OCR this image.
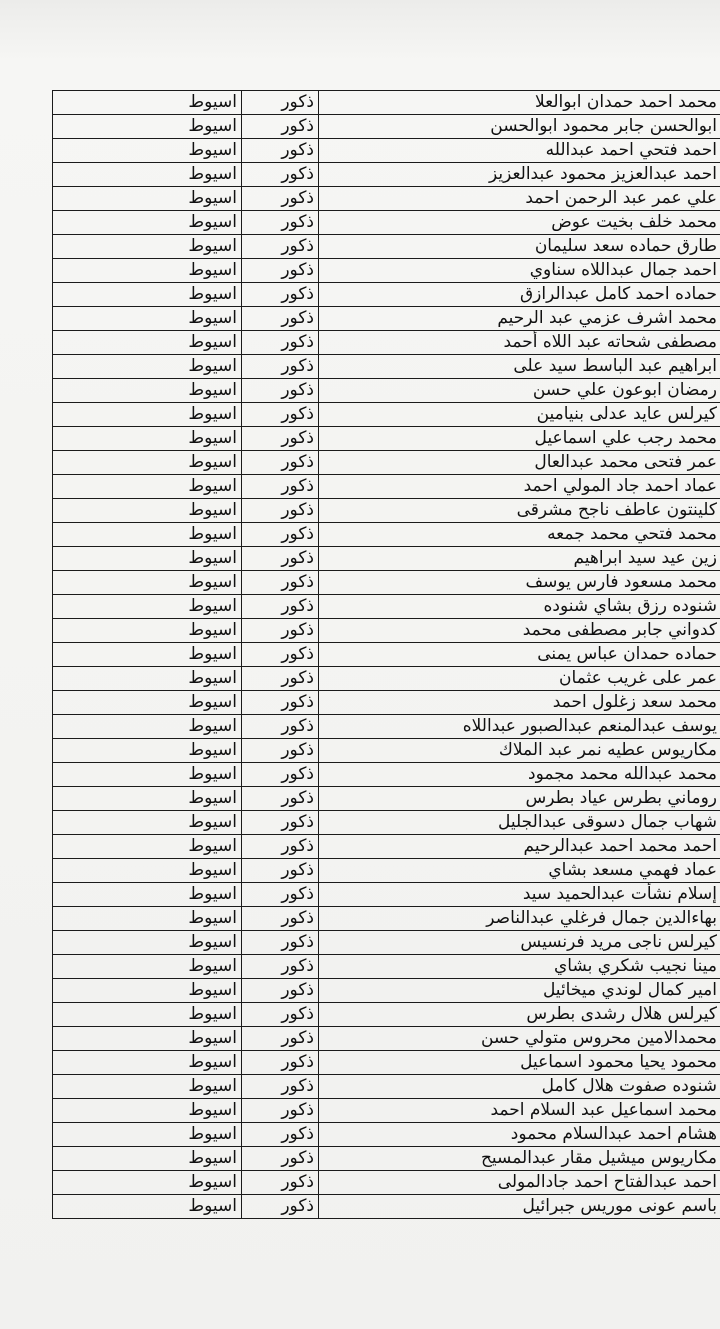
	محمد احمد حمدان ابوالعلا	ذكور	اسيوط
	ابوالحسن جابر محمود ابوالحسن	ذكور	اسيوط
	احمد فتحي احمد عبدالله	ذكور	اسيوط
	احمد عبدالعزيز محمود عبدالعزيز	ذكور	اسيوط
	علي عمر عبد الرحمن احمد	ذكور	اسيوط
	محمد خلف بخيت عوض	ذكور	اسيوط
	طارق حماده سعد سليمان	ذكور	اسيوط
	احمد جمال عبداللاه سناوي	ذكور	اسيوط
	حماده احمد كامل عبدالرازق	ذكور	اسيوط
	محمد اشرف عزمي عبد الرحيم	ذكور	اسيوط
	مصطفى شحاته عبد اللاه أحمد	ذكور	اسيوط
	ابراهيم عبد الباسط سيد على	ذكور	اسيوط
	رمضان ابوعون علي حسن	ذكور	اسيوط
	كيرلس عايد عدلى بنيامين	ذكور	اسيوط
	محمد رجب علي اسماعيل	ذكور	اسيوط
	عمر فتحى محمد عبدالعال	ذكور	اسيوط
	عماد احمد جاد المولي احمد	ذكور	اسيوط
	كلينتون عاطف ناجح مشرقى	ذكور	اسيوط
	محمد فتحي محمد جمعه	ذكور	اسيوط
	زين عيد سيد ابراهيم	ذكور	اسيوط
	محمد مسعود فارس يوسف	ذكور	اسيوط
	شنوده رزق بشاي شنوده	ذكور	اسيوط
	كدواني جابر مصطفى محمد	ذكور	اسيوط
	حماده حمدان عباس يمنى	ذكور	اسيوط
	عمر على غريب عثمان	ذكور	اسيوط
	محمد سعد زغلول احمد	ذكور	اسيوط
	يوسف عبدالمنعم عبدالصبور عبداللاه	ذكور	اسيوط
	مكاريوس عطيه نمر عبد الملاك	ذكور	اسيوط
	محمد عبدالله محمد مجمود	ذكور	اسيوط
	روماني بطرس عياد بطرس	ذكور	اسيوط
	شهاب جمال دسوقى عبدالجليل	ذكور	اسيوط
	احمد محمد احمد عبدالرحيم	ذكور	اسيوط
	عماد فهمي مسعد بشاي	ذكور	اسيوط
	إسلام نشأت عبدالحميد سيد	ذكور	اسيوط
	بهاءالدين جمال فرغلي عبدالناصر	ذكور	اسيوط
	كيرلس ناجى مريد فرنسيس	ذكور	اسيوط
	مينا نجيب شكري بشاي	ذكور	اسيوط
	امير كمال لوندي ميخائيل	ذكور	اسيوط
	كيرلس هلال رشدى بطرس	ذكور	اسيوط
	محمدالامين محروس متولي حسن	ذكور	اسيوط
	محمود يحيا محمود اسماعيل	ذكور	اسيوط
	شنوده صفوت هلال كامل	ذكور	اسيوط
	محمد اسماعيل عبد السلام احمد	ذكور	اسيوط
	هشام احمد عبدالسلام محمود	ذكور	اسيوط
	مكاريوس ميشيل مقار عبدالمسيح	ذكور	اسيوط
	احمد عبدالفتاح احمد جادالمولى	ذكور	اسيوط
	باسم عونى موريس جبرائيل	ذكور	اسيوط
